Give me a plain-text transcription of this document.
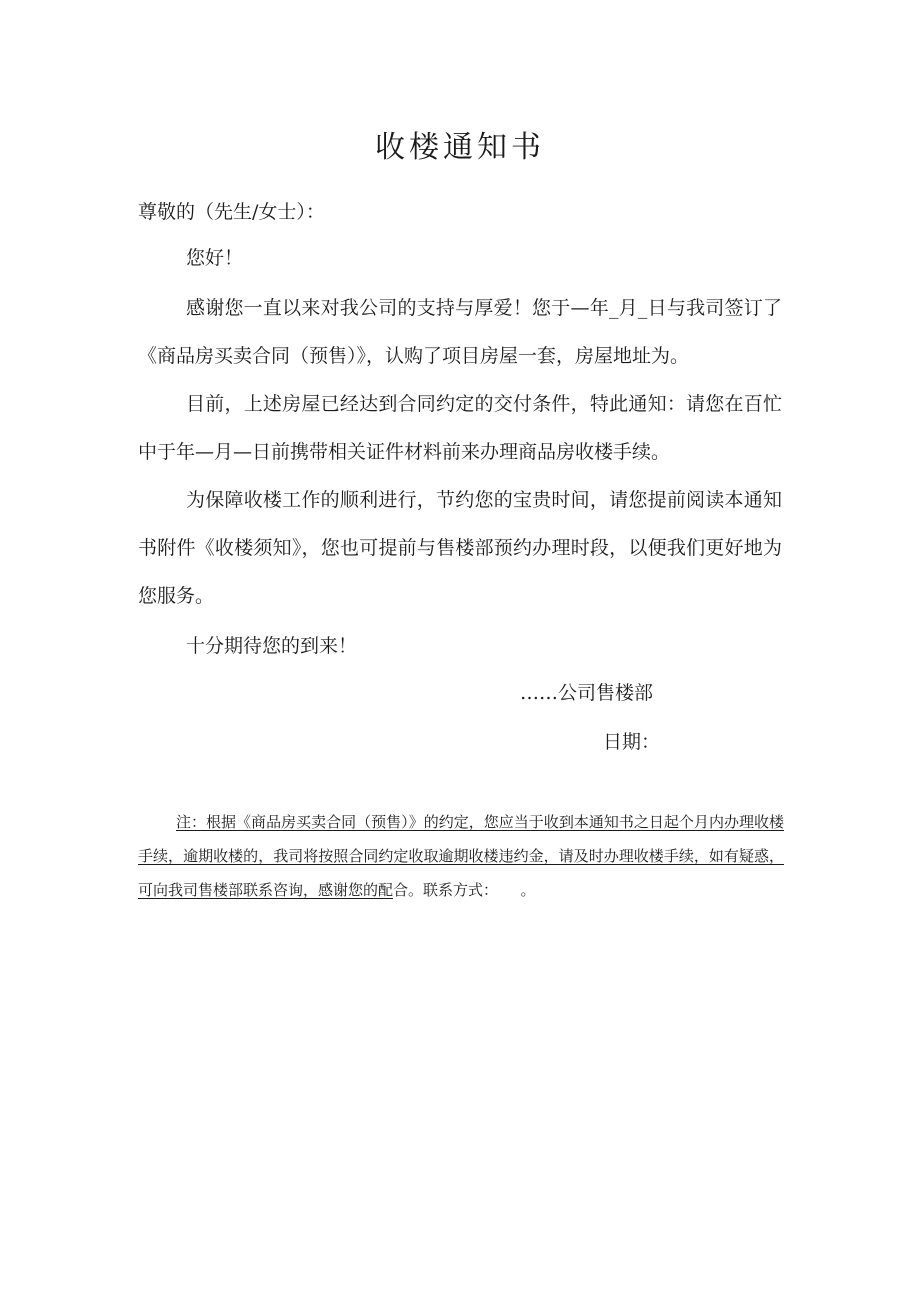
收楼通知书
尊敬的（先生/女士）：
您好！
感谢您一直以来对我公司的支持与厚爱！您于—年_月_日与我司签订了《商品房买卖合同（预售）》，认购了项目房屋一套，房屋地址为。
目前，上述房屋已经达到合同约定的交付条件，特此通知：请您在百忙中于年—月—日前携带相关证件材料前来办理商品房收楼手续。
为保障收楼工作的顺利进行，节约您的宝贵时间，请您提前阅读本通知书附件《收楼须知》，您也可提前与售楼部预约办理时段，以便我们更好地为您服务。
十分期待您的到来！
……公司售楼部
日期：
注：根据《商品房买卖合同（预售）》的约定，您应当于收到本通知书之日起个月内办理收楼手续，逾期收楼的，我司将按照合同约定收取逾期收楼违约金，请及时办理收楼手续，如有疑惑，可向我司售楼部联系咨询，感谢您的配合。联系方式：　　。
